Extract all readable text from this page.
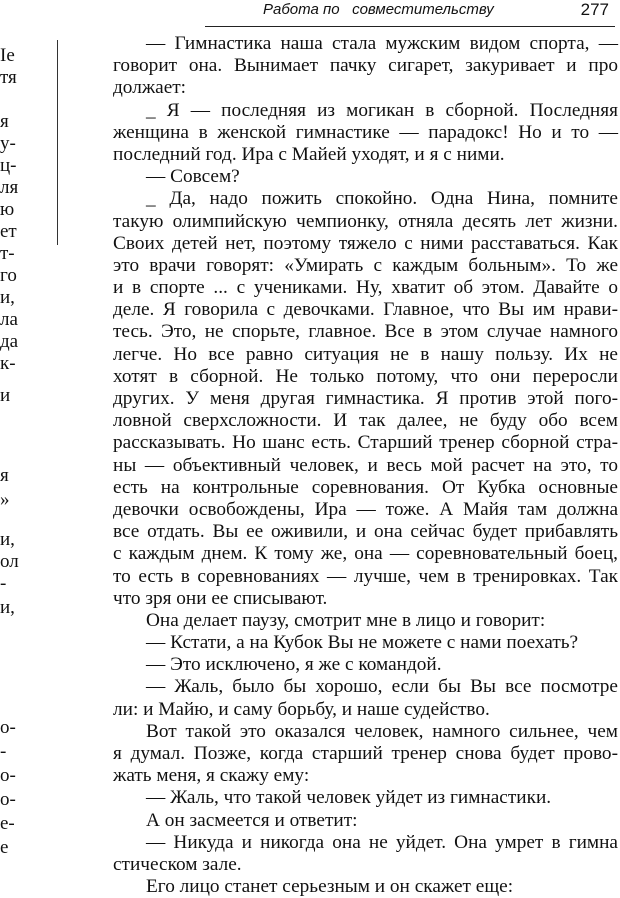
Работа по   совместительству	277
Ie
тя
я
у-
ц-
ля
ю
ет
т-
го
и,
ла
да
к-
и
я
»
и,
ол
-
и,
о-
-
о-
о-
е-
е
— Гимнастика наша стала мужским видом спорта, —
говорит она. Вынимает пачку сигарет, закуривает и про
должает:
_ Я — последняя из могикан в сборной. Последняя
женщина в женской гимнастике — парадокс! Но и то —
последний год. Ира с Майей уходят, и я с ними.
— Совсем?
_ Да, надо пожить спокойно. Одна Нина, помните
такую олимпийскую чемпионку, отняла десять лет жизни.
Своих детей нет, поэтому тяжело с ними расставаться. Как
это врачи говорят: «Умирать с каждым больным». То же
и в спорте ... с учениками. Ну, хватит об этом. Давайте о
деле. Я говорила с девочками. Главное, что Вы им нрави-
тесь. Это, не спорьте, главное. Все в этом случае намного
легче. Но все равно ситуация не в нашу пользу. Их не
хотят в сборной. Не только потому, что они переросли
других. У меня другая гимнастика. Я против этой пого-
ловной сверхсложности. И так далее, не буду обо всем
рассказывать. Но шанс есть. Старший тренер сборной стра-
ны — объективный человек, и весь мой расчет на это, то
есть на контрольные соревнования. От Кубка основные
девочки освобождены, Ира — тоже. А Майя там должна
все отдать. Вы ее оживили, и она сейчас будет прибавлять
с каждым днем. К тому же, она — соревновательный боец,
то есть в соревнованиях — лучше, чем в тренировках. Так
что зря они ее списывают.
Она делает паузу, смотрит мне в лицо и говорит:
— Кстати, а на Кубок Вы не можете с нами поехать?
— Это исключено, я же с командой.
— Жаль, было бы хорошо, если бы Вы все посмотре
ли: и Майю, и саму борьбу, и наше судейство.
Вот такой это оказался человек, намного сильнее, чем
я думал. Позже, когда старший тренер снова будет прово-
жать меня, я скажу ему:
— Жаль, что такой человек уйдет из гимнастики.
А он засмеется и ответит:
— Никуда и никогда она не уйдет. Она умрет в гимна
стическом зале.
Его лицо станет серьезным и он скажет еще:
